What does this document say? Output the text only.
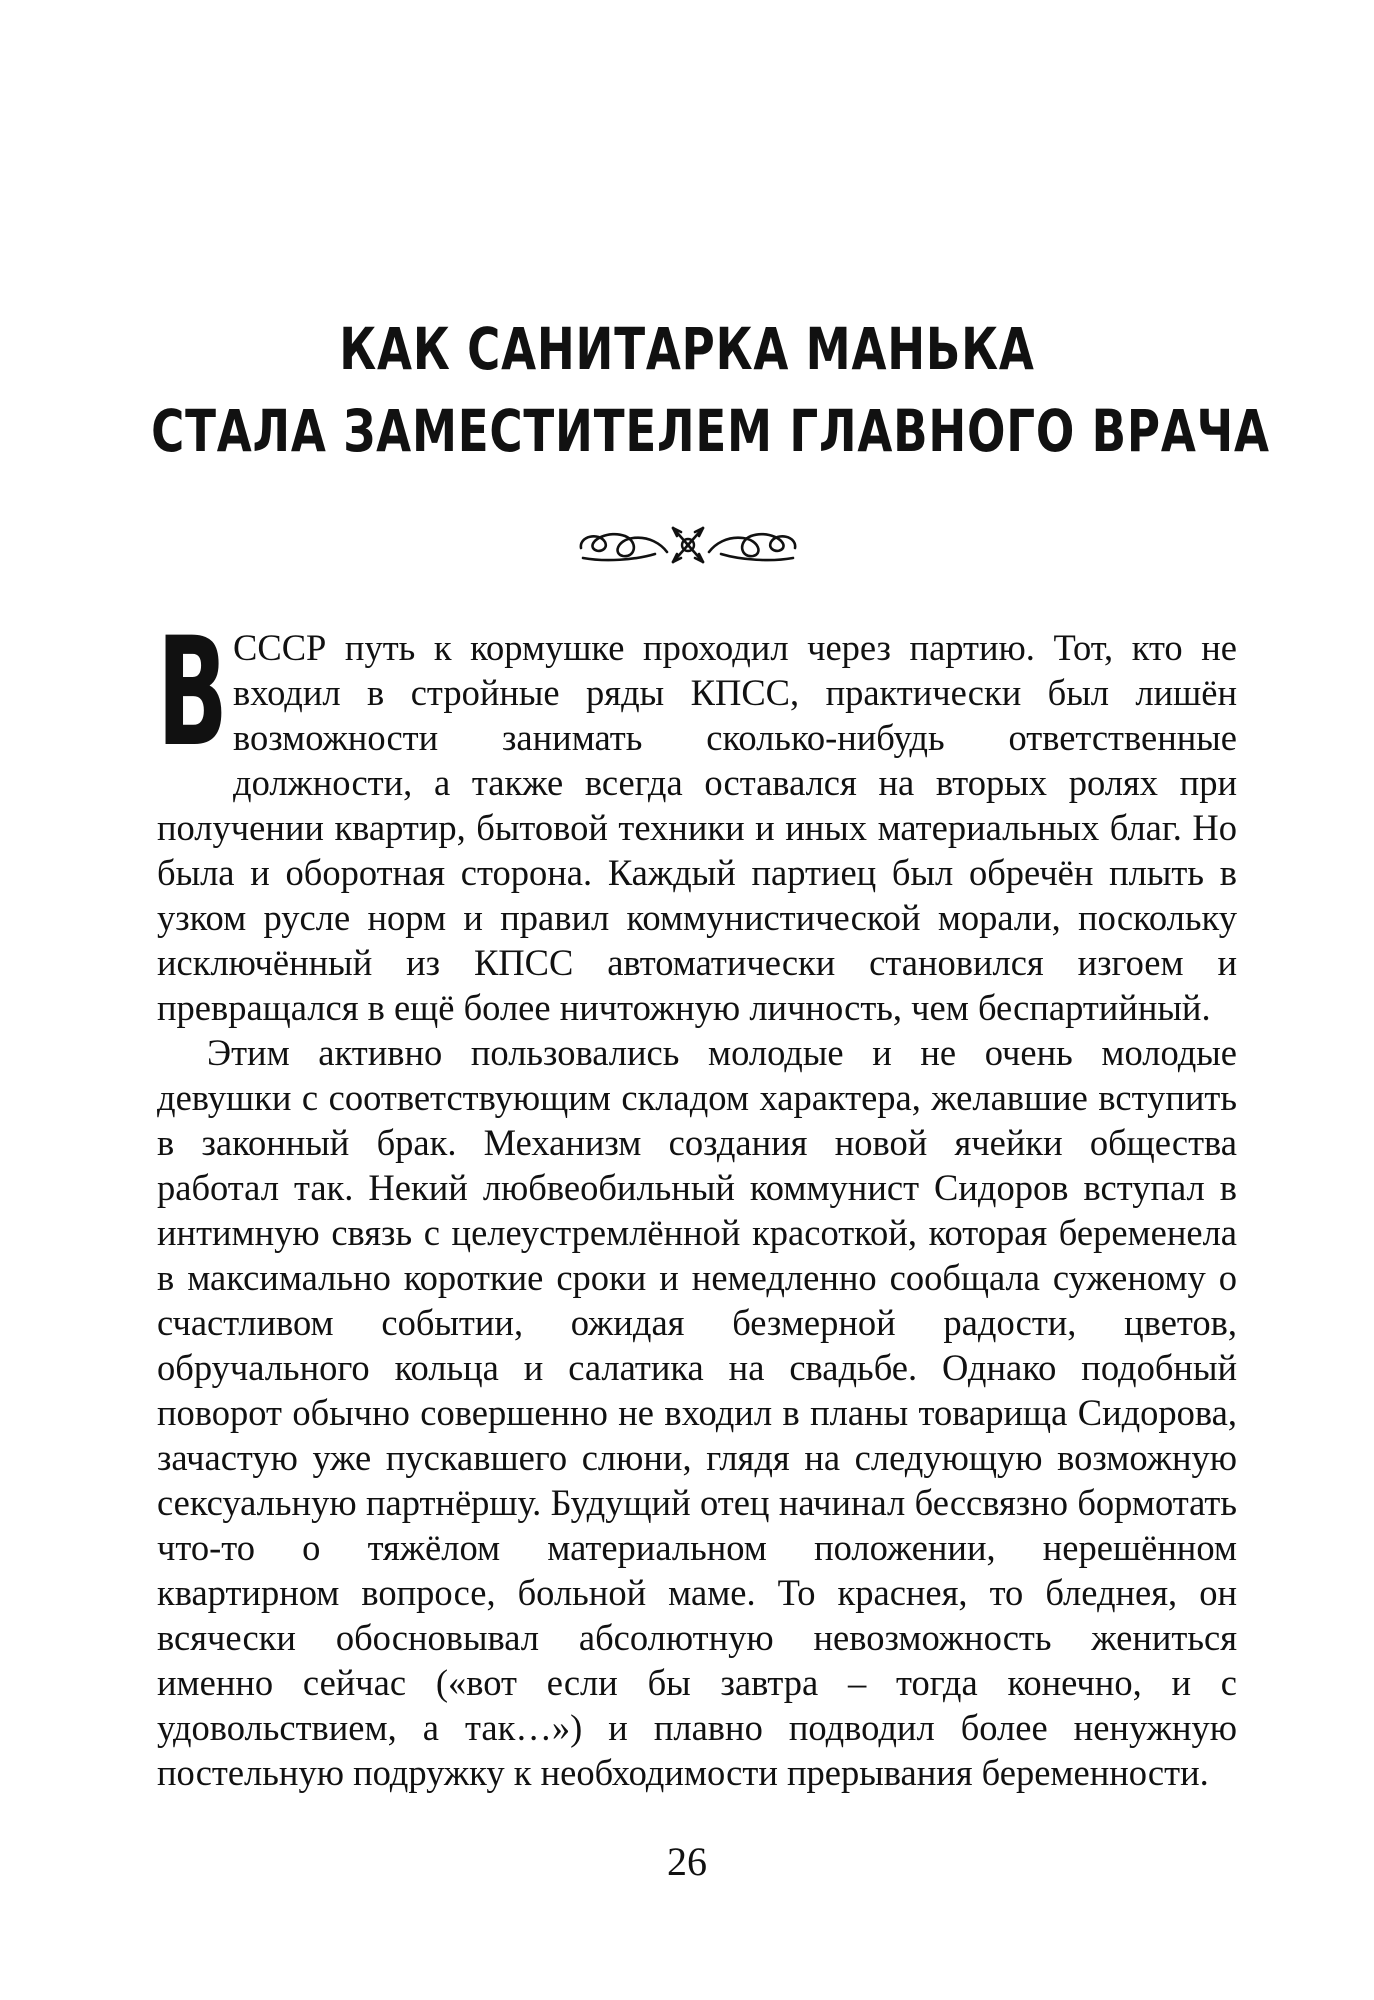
КАК САНИТАРКА МАНЬКА
СТАЛА ЗАМЕСТИТЕЛЕМ ГЛАВНОГО ВРАЧА

В СССР путь к кормушке проходил через партию. Тот, кто не входил в стройные ряды КПСС, практически был лишён возможности занимать сколько-нибудь ответственные должности, а также всегда оставался на вторых ролях при получении квартир, бытовой техники и иных материальных благ. Но была и оборотная сторона. Каждый партиец был обречён плыть в узком русле норм и правил коммунистической морали, поскольку исключённый из КПСС автоматически становился изгоем и превращался в ещё более ничтожную личность, чем беспартийный.

Этим активно пользовались молодые и не очень молодые девушки с соответствующим складом характера, желавшие вступить в законный брак. Механизм создания новой ячейки общества работал так. Некий любвеобильный коммунист Сидоров вступал в интимную связь с целеустремлённой красоткой, которая беременела в максимально короткие сроки и немедленно сообщала суженому о счастливом событии, ожидая безмерной радости, цветов, обручального кольца и салатика на свадьбе. Однако подобный поворот обычно совершенно не входил в планы товарища Сидорова, зачастую уже пускавшего слюни, глядя на следующую возможную сексуальную партнёршу. Будущий отец начинал бессвязно бормотать что-то о тяжёлом материальном положении, нерешённом квартирном вопросе, больной маме. То краснея, то бледнея, он всячески обосновывал абсолютную невозможность жениться именно сейчас («вот если бы завтра – тогда конечно, и с удовольствием, а так…») и плавно подводил более ненужную постельную подружку к необходимости прерывания беременности.

26
